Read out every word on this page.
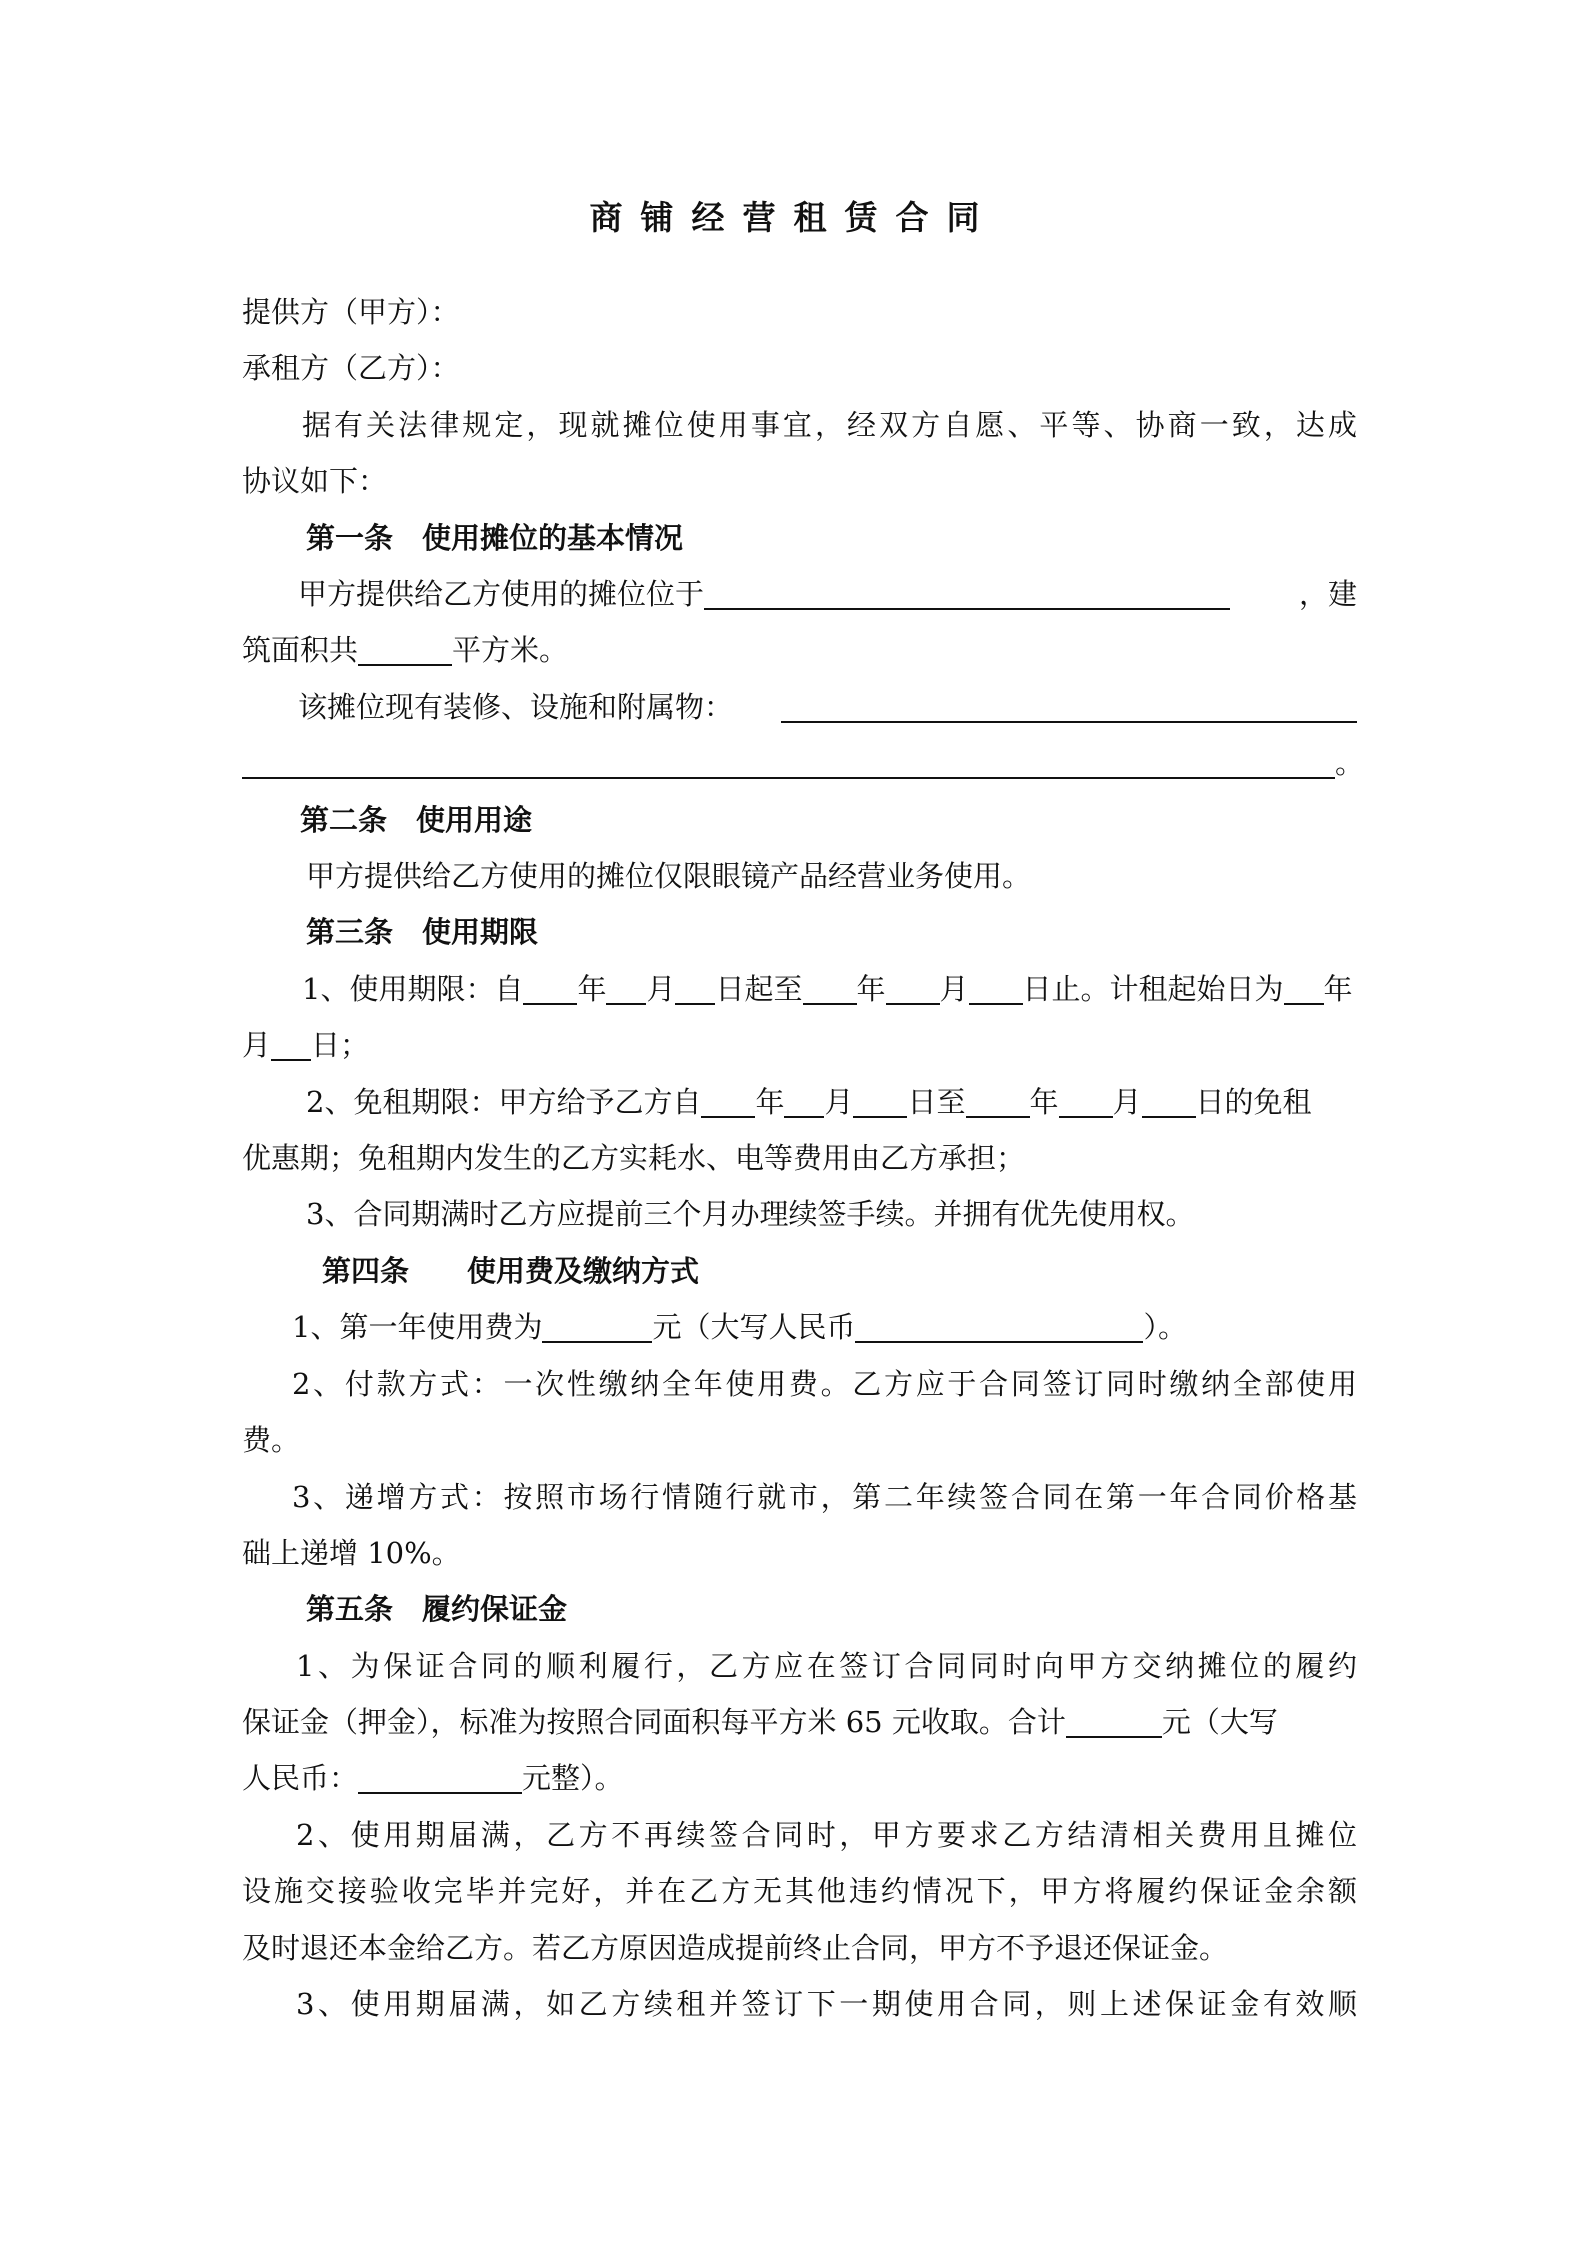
商铺经营租赁合同
提供方（甲方）：
承租方（乙方）：
据有关法律规定，现就摊位使用事宜，经双方自愿、平等、协商一致，达成
协议如下：
第一条　使用摊位的基本情况
甲方提供给乙方使用的摊位位于	，建
筑面积共	平方米。
该摊位现有装修、设施和附属物：
。
第二条　使用用途
甲方提供给乙方使用的摊位仅限眼镜产品经营业务使用。
第三条　使用期限
1、使用期限：自 年 月 日起至 年 月 日止。计租起始日为 年
月 日；
2、免租期限：甲方给予乙方自 年 月 日至 年 月 日的免租
优惠期；免租期内发生的乙方实耗水、电等费用由乙方承担；
3、合同期满时乙方应提前三个月办理续签手续。并拥有优先使用权。
第四条　　使用费及缴纳方式
1、第一年使用费为	元（大写人民币	）。
2、付款方式：一次性缴纳全年使用费。乙方应于合同签订同时缴纳全部使用
费。
3、递增方式：按照市场行情随行就市，第二年续签合同在第一年合同价格基
础上递增 10%。
第五条　履约保证金
1、为保证合同的顺利履行，乙方应在签订合同同时向甲方交纳摊位的履约
保证金（押金），标准为按照合同面积每平方米 65 元收取。合计	元（大写
人民币：	元整）。
2、使用期届满，乙方不再续签合同时，甲方要求乙方结清相关费用且摊位
设施交接验收完毕并完好，并在乙方无其他违约情况下，甲方将履约保证金余额
及时退还本金给乙方。若乙方原因造成提前终止合同，甲方不予退还保证金。
3、使用期届满，如乙方续租并签订下一期使用合同，则上述保证金有效顺
